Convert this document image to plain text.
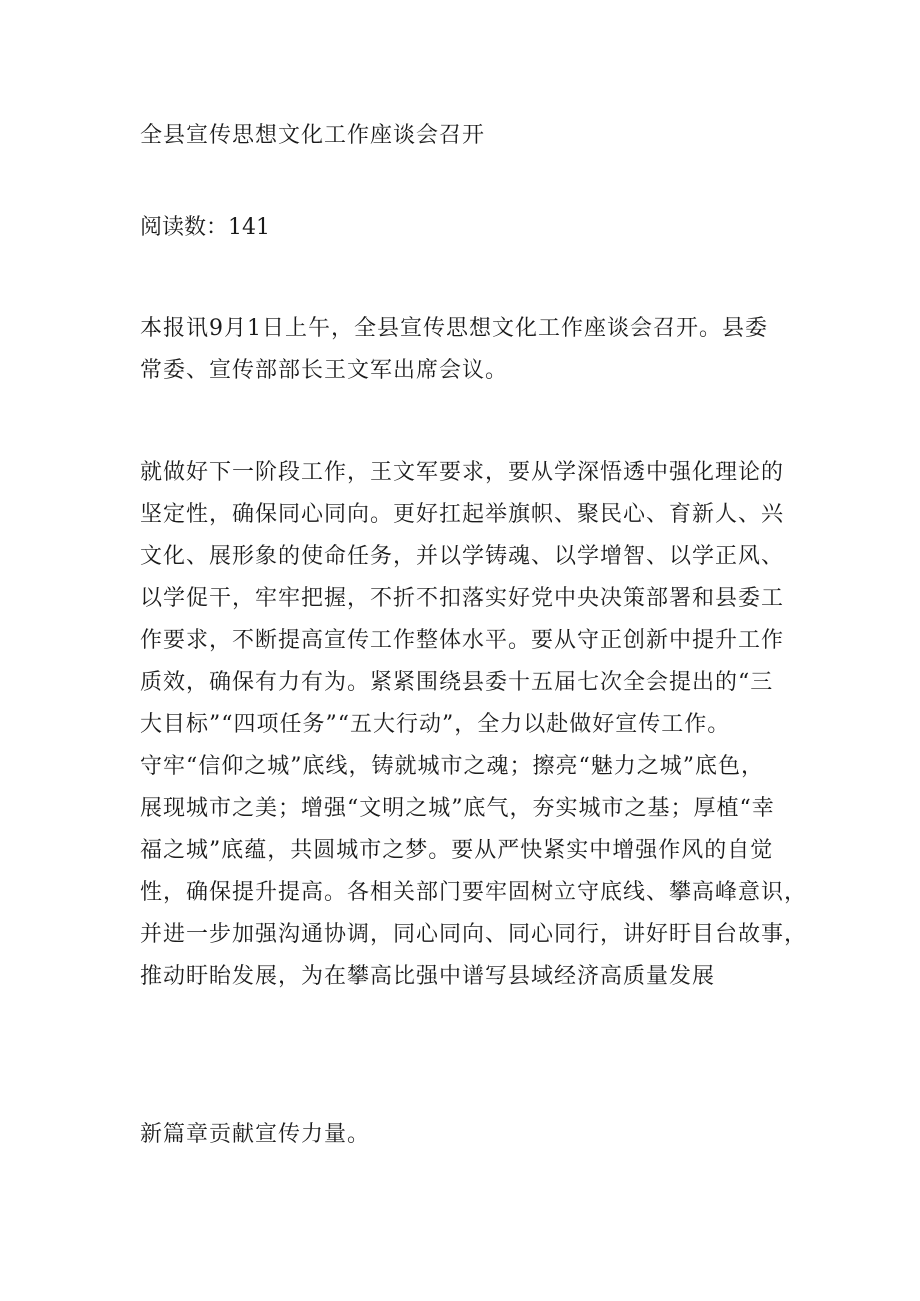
全县宣传思想文化工作座谈会召开
阅读数：141
本报讯9月1日上午，全县宣传思想文化工作座谈会召开。县委
常委、宣传部部长王文军出席会议。
就做好下一阶段工作，王文军要求，要从学深悟透中强化理论的
坚定性，确保同心同向。更好扛起举旗帜、聚民心、育新人、兴
文化、展形象的使命任务，并以学铸魂、以学增智、以学正风、
以学促干，牢牢把握，不折不扣落实好党中央决策部署和县委工
作要求，不断提高宣传工作整体水平。要从守正创新中提升工作
质效，确保有力有为。紧紧围绕县委十五届七次全会提出的“三
大目标”“四项任务”“五大行动”，全力以赴做好宣传工作。
守牢“信仰之城”底线，铸就城市之魂；擦亮“魅力之城”底色，
展现城市之美；增强“文明之城”底气，夯实城市之基；厚植“幸
福之城”底蕴，共圆城市之梦。要从严快紧实中增强作风的自觉
性，确保提升提高。各相关部门要牢固树立守底线、攀高峰意识，
并进一步加强沟通协调，同心同向、同心同行，讲好盱目台故事，
推动盱眙发展，为在攀高比强中谱写县域经济高质量发展
新篇章贡献宣传力量。
